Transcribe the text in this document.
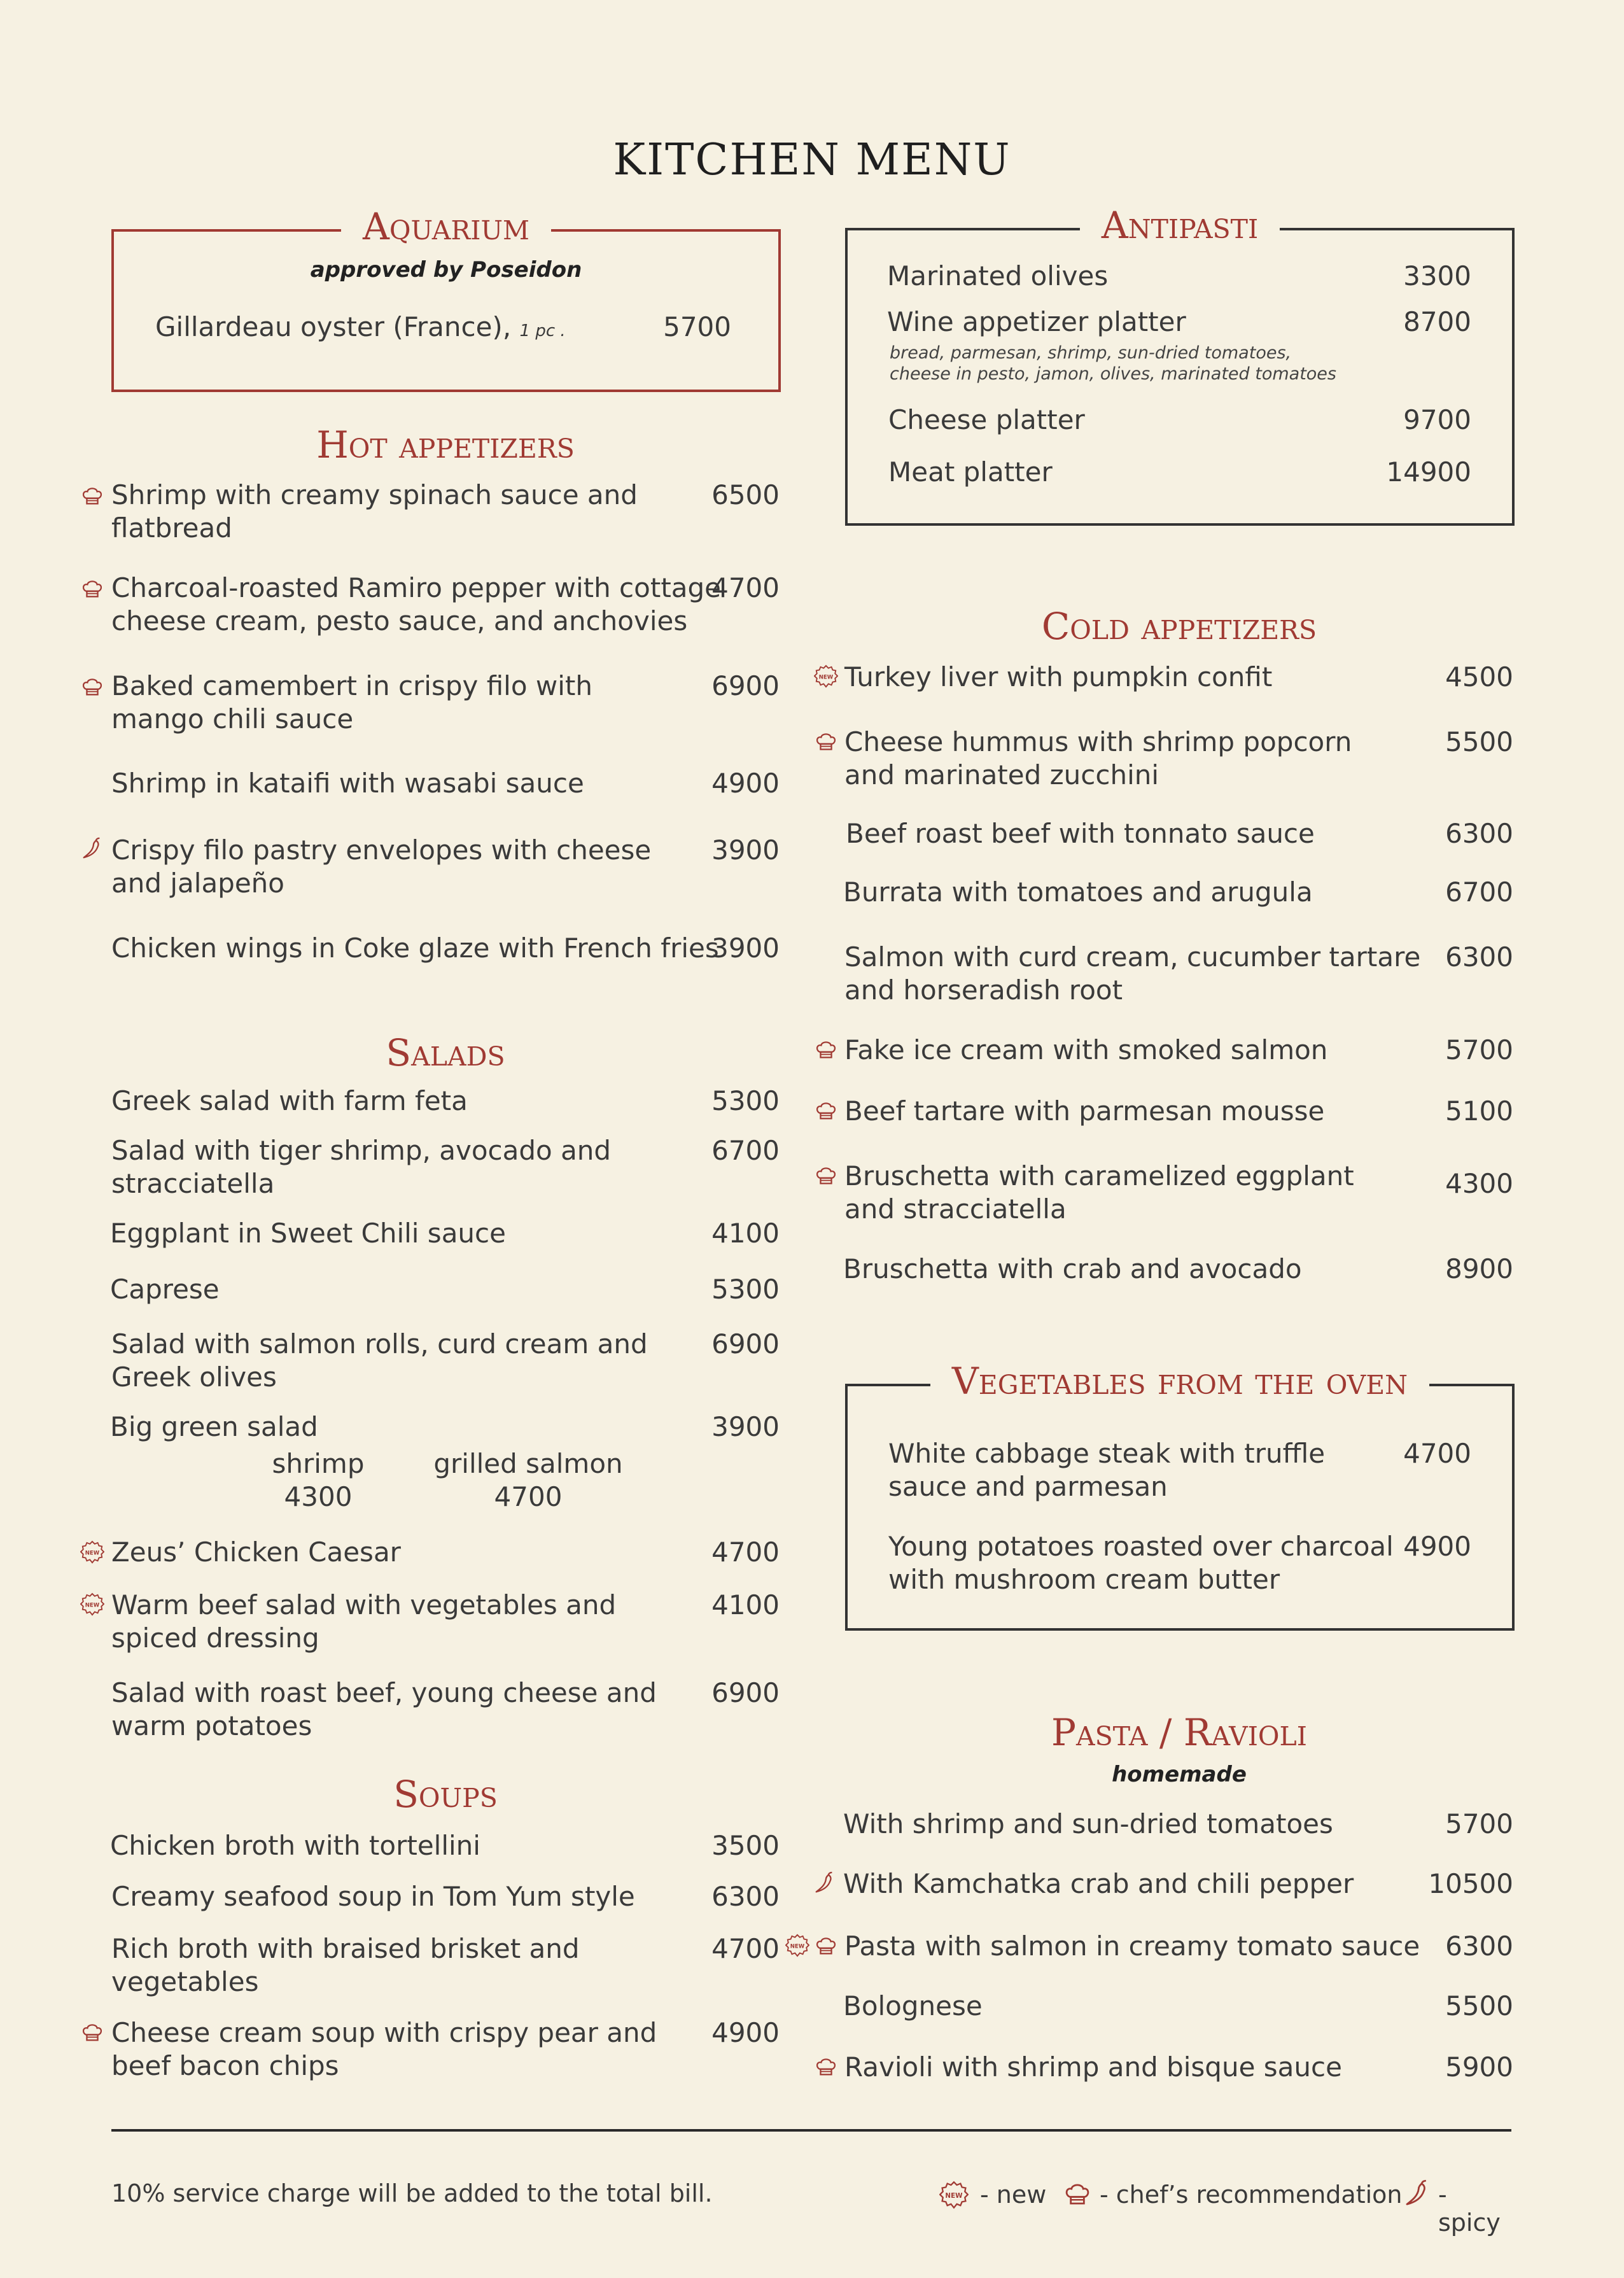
KITCHEN MENU
Aquarium
approved by Poseidon
Gillardeau oyster (France), 1 pc .	5700
Hot appetizers
Shrimp with creamy spinach sauce and
flatbread
6500
Charcoal-roasted Ramiro pepper with cottage
cheese cream, pesto sauce, and anchovies
4700
Baked camembert in crispy filo with
mango chili sauce
6900
Shrimp in kataifi with wasabi sauce	4900
Crispy filo pastry envelopes with cheese
and jalapeño
3900
Chicken wings in Coke glaze with French fries
3900
Salads
Greek salad with farm feta	5300
Salad with tiger shrimp, avocado and
stracciatella
6700
Eggplant in Sweet Chili sauce	4100
Caprese	5300
Salad with salmon rolls, curd cream and
Greek olives
6900
Big green salad	3900
shrimp
4300
grilled salmon
4700
Zeus’ Chicken Caesar	4700
Warm beef salad with vegetables and
spiced dressing
4100
Salad with roast beef, young cheese and
warm potatoes
6900
Soups
Chicken broth with tortellini	3500
Creamy seafood soup in Tom Yum style	6300
Rich broth with braised brisket and
vegetables
4700
Cheese cream soup with crispy pear and
beef bacon chips
4900
Antipasti
Marinated olives	3300
Wine appetizer platter	8700
bread, parmesan, shrimp, sun-dried tomatoes,
cheese in pesto, jamon, olives, marinated tomatoes
Cheese platter	9700
Meat platter	14900
Cold appetizers
Turkey liver with pumpkin confit	4500
Cheese hummus with shrimp popcorn
and marinated zucchini
5500
Beef roast beef with tonnato sauce	6300
Burrata with tomatoes and arugula	6700
Salmon with curd cream, cucumber tartare
and horseradish root
6300
Fake ice cream with smoked salmon	5700
Beef tartare with parmesan mousse	5100
Bruschetta with caramelized eggplant
and stracciatella
4300
Bruschetta with crab and avocado	8900
Vegetables from the oven
White cabbage steak with truffle
sauce and parmesan
4700
Young potatoes roasted over charcoal
with mushroom cream butter
4900
Pasta / Ravioli
homemade
With shrimp and sun-dried tomatoes	5700
With Kamchatka crab and chili pepper	10500
Pasta with salmon in creamy tomato sauce 6300
Bolognese	5500
Ravioli with shrimp and bisque sauce	5900
10% service charge will be added to the total bill.	- new - chef’s recommendation - spicy
